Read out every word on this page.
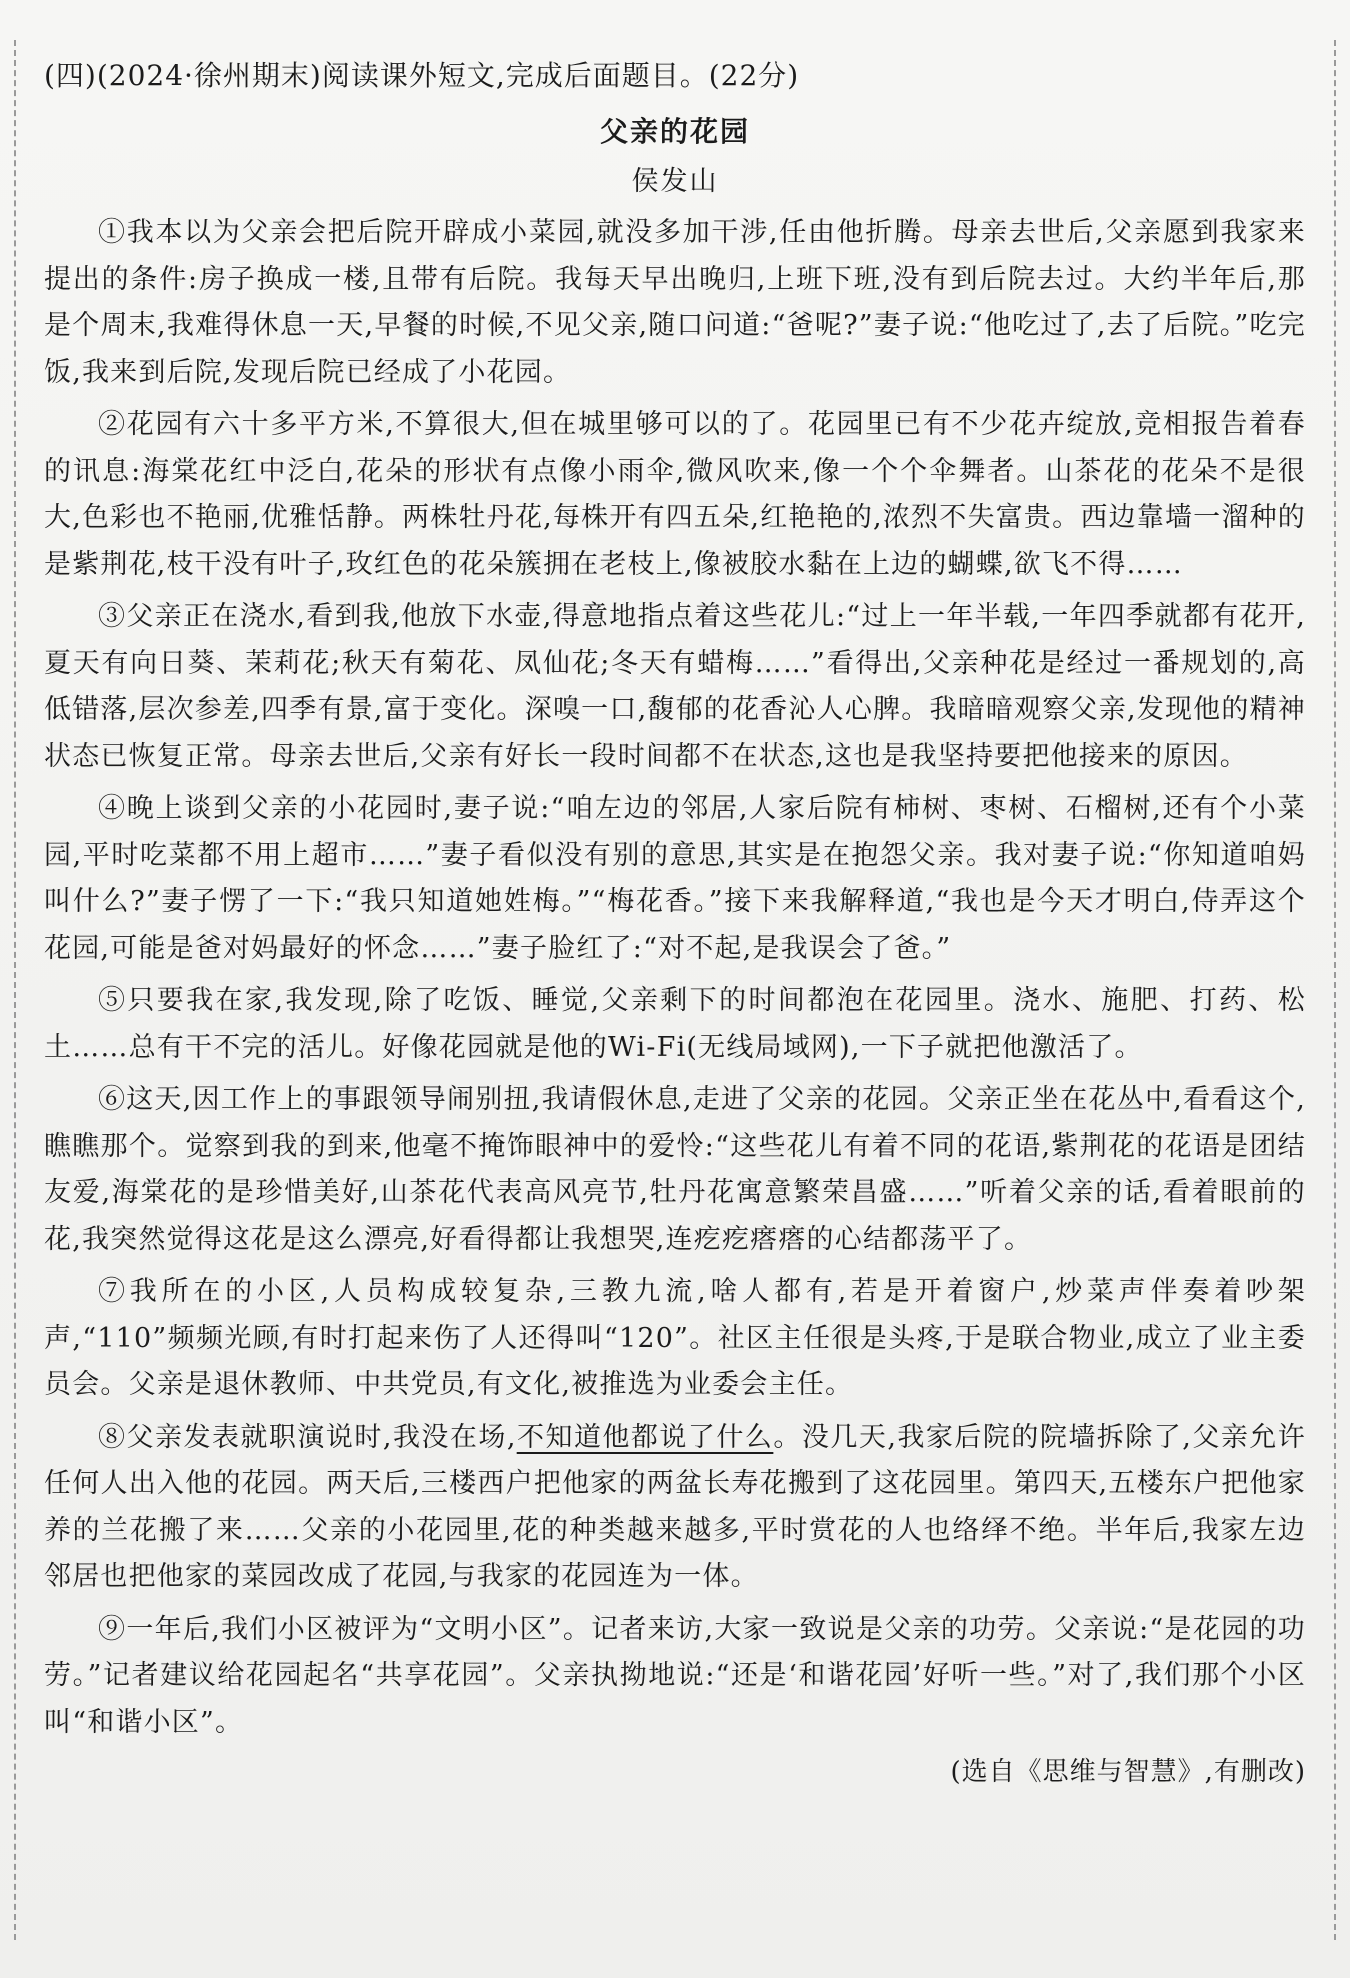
(四)(2024·徐州期末)阅读课外短文,完成后面题目。(22分)

父亲的花园

侯发山

①我本以为父亲会把后院开辟成小菜园,就没多加干涉,任由他折腾。母亲去世后,父亲愿到我家来提出的条件:房子换成一楼,且带有后院。我每天早出晚归,上班下班,没有到后院去过。大约半年后,那是个周末,我难得休息一天,早餐的时候,不见父亲,随口问道:“爸呢?”妻子说:“他吃过了,去了后院。”吃完饭,我来到后院,发现后院已经成了小花园。

②花园有六十多平方米,不算很大,但在城里够可以的了。花园里已有不少花卉绽放,竞相报告着春的讯息:海棠花红中泛白,花朵的形状有点像小雨伞,微风吹来,像一个个伞舞者。山茶花的花朵不是很大,色彩也不艳丽,优雅恬静。两株牡丹花,每株开有四五朵,红艳艳的,浓烈不失富贵。西边靠墙一溜种的是紫荆花,枝干没有叶子,玫红色的花朵簇拥在老枝上,像被胶水黏在上边的蝴蝶,欲飞不得……

③父亲正在浇水,看到我,他放下水壶,得意地指点着这些花儿:“过上一年半载,一年四季就都有花开,夏天有向日葵、茉莉花;秋天有菊花、凤仙花;冬天有蜡梅……”看得出,父亲种花是经过一番规划的,高低错落,层次参差,四季有景,富于变化。深嗅一口,馥郁的花香沁人心脾。我暗暗观察父亲,发现他的精神状态已恢复正常。母亲去世后,父亲有好长一段时间都不在状态,这也是我坚持要把他接来的原因。

④晚上谈到父亲的小花园时,妻子说:“咱左边的邻居,人家后院有柿树、枣树、石榴树,还有个小菜园,平时吃菜都不用上超市……”妻子看似没有别的意思,其实是在抱怨父亲。我对妻子说:“你知道咱妈叫什么?”妻子愣了一下:“我只知道她姓梅。”“梅花香。”接下来我解释道,“我也是今天才明白,侍弄这个花园,可能是爸对妈最好的怀念……”妻子脸红了:“对不起,是我误会了爸。”

⑤只要我在家,我发现,除了吃饭、睡觉,父亲剩下的时间都泡在花园里。浇水、施肥、打药、松土……总有干不完的活儿。好像花园就是他的Wi-Fi(无线局域网),一下子就把他激活了。

⑥这天,因工作上的事跟领导闹别扭,我请假休息,走进了父亲的花园。父亲正坐在花丛中,看看这个,瞧瞧那个。觉察到我的到来,他毫不掩饰眼神中的爱怜:“这些花儿有着不同的花语,紫荆花的花语是团结友爱,海棠花的是珍惜美好,山茶花代表高风亮节,牡丹花寓意繁荣昌盛……”听着父亲的话,看着眼前的花,我突然觉得这花是这么漂亮,好看得都让我想哭,连疙疙瘩瘩的心结都荡平了。

⑦我所在的小区,人员构成较复杂,三教九流,啥人都有,若是开着窗户,炒菜声伴奏着吵架声,“110”频频光顾,有时打起来伤了人还得叫“120”。社区主任很是头疼,于是联合物业,成立了业主委员会。父亲是退休教师、中共党员,有文化,被推选为业委会主任。

⑧父亲发表就职演说时,我没在场,不知道他都说了什么。没几天,我家后院的院墙拆除了,父亲允许任何人出入他的花园。两天后,三楼西户把他家的两盆长寿花搬到了这花园里。第四天,五楼东户把他家养的兰花搬了来……父亲的小花园里,花的种类越来越多,平时赏花的人也络绎不绝。半年后,我家左边邻居也把他家的菜园改成了花园,与我家的花园连为一体。

⑨一年后,我们小区被评为“文明小区”。记者来访,大家一致说是父亲的功劳。父亲说:“是花园的功劳。”记者建议给花园起名“共享花园”。父亲执拗地说:“还是‘和谐花园’好听一些。”对了,我们那个小区叫“和谐小区”。

(选自《思维与智慧》,有删改)
